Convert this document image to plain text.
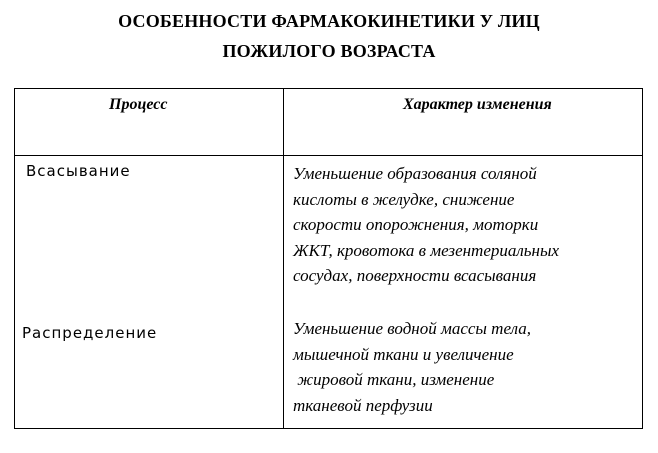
ОСОБЕННОСТИ ФАРМАКОКИНЕТИКИ У ЛИЦ
ПОЖИЛОГО ВОЗРАСТА
Процесс	Характер изменения
Всасывание	Уменьшение образования соляной
кислоты в желудке, снижение
скорости опорожнения, моторки
ЖКТ, кровотока в мезентериальных
сосудах, поверхности всасывания
Распределение	Уменьшение водной массы тела,
мышечной ткани и увеличение
жировой ткани, изменение
тканевой перфузии
